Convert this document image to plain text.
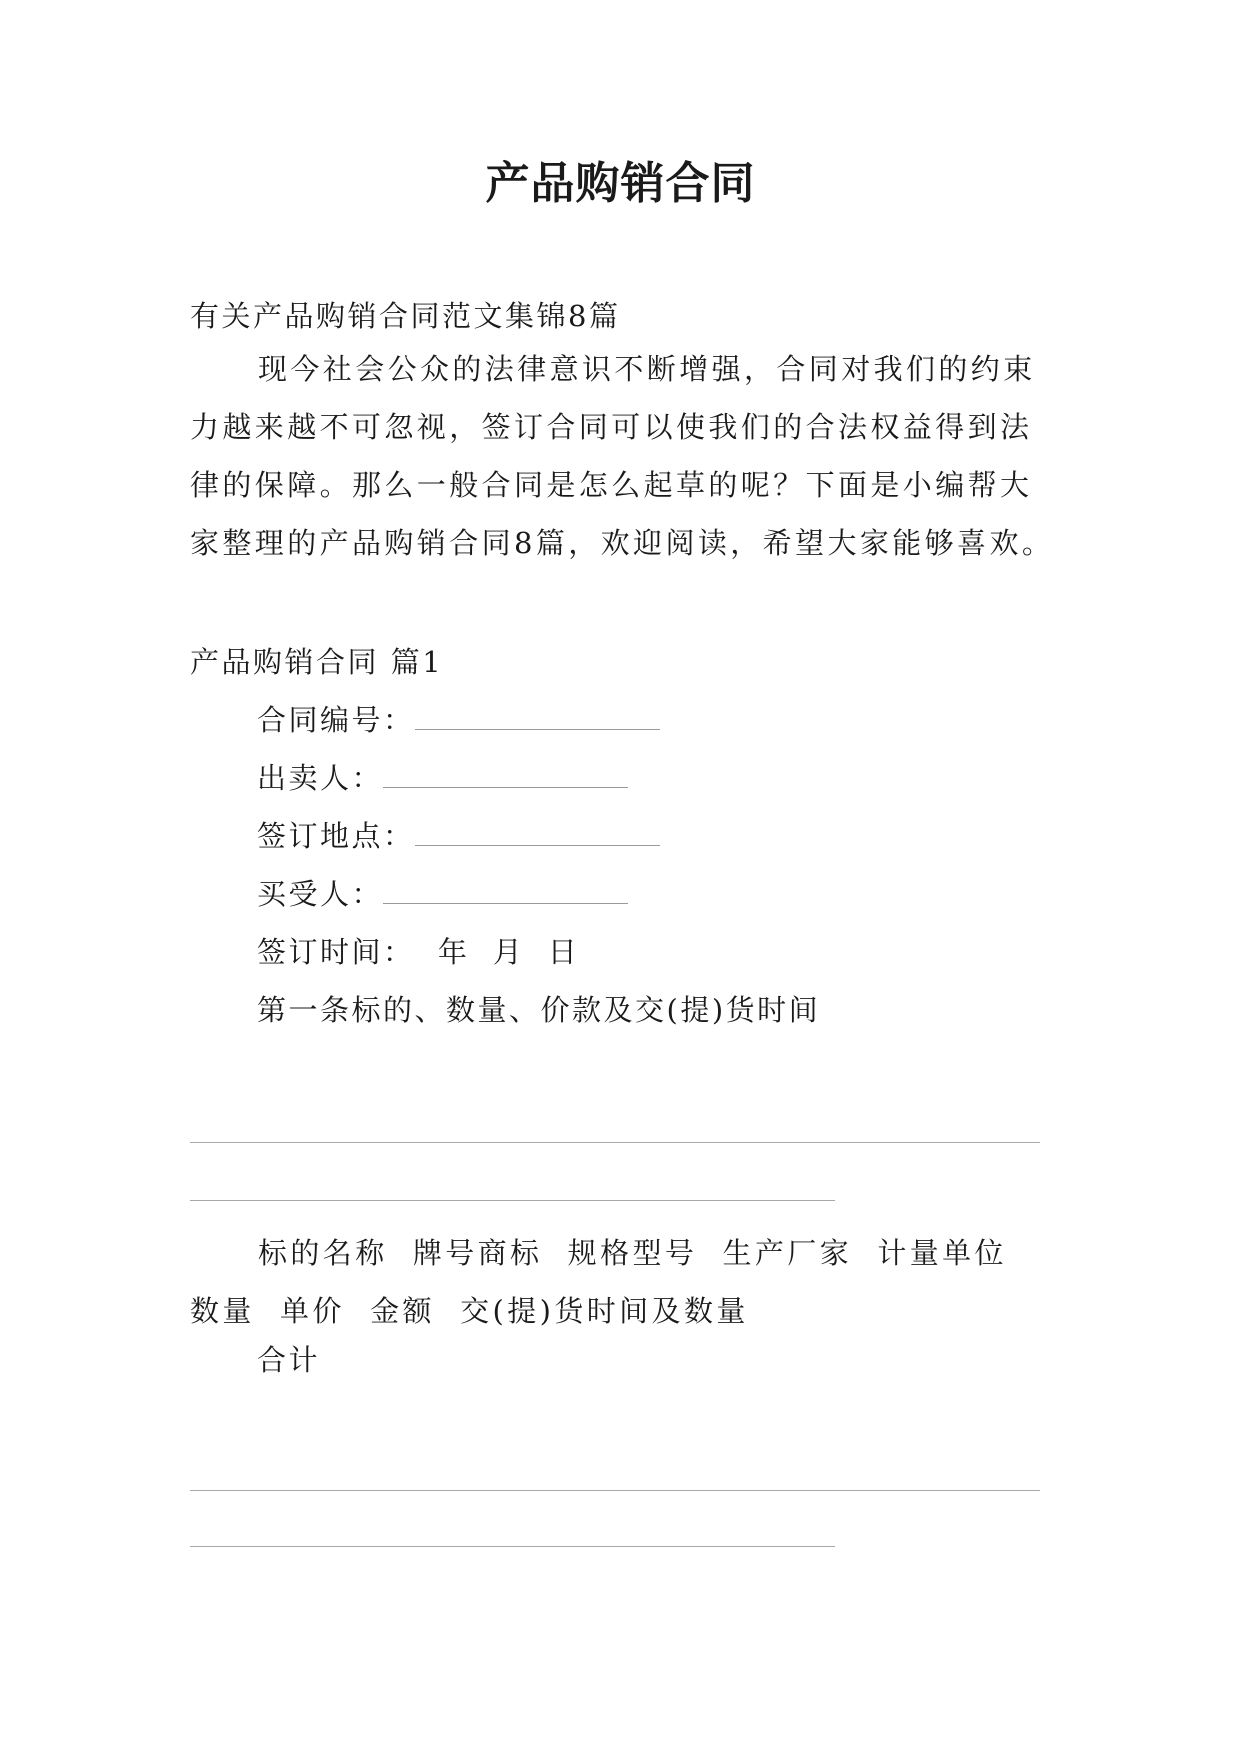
产品购销合同
有关产品购销合同范文集锦8篇

现今社会公众的法律意识不断增强，合同对我们的约束力越来越不可忽视，签订合同可以使我们的合法权益得到法律的保障。那么一般合同是怎么起草的呢？下面是小编帮大家整理的产品购销合同8篇，欢迎阅读，希望大家能够喜欢。

产品购销合同 篇1
合同编号：
出卖人：
签订地点：
买受人：
签订时间：  年  月  日
第一条标的、数量、价款及交(提)货时间

标的名称  牌号商标  规格型号  生产厂家  计量单位  数量  单价  金额  交(提)货时间及数量

合计
